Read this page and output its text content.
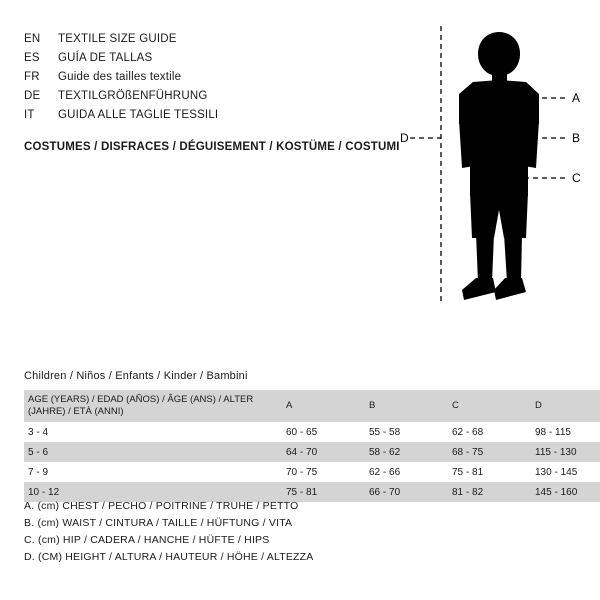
EN	TEXTILE SIZE GUIDE
ES	GUÍA DE TALLAS
FR	Guide des tailles textile
DE	TEXTILGRÖßENFÜHRUNG
IT	GUIDA ALLE TAGLIE TESSILI
COSTUMES / DISFRACES / DÉGUISEMENT / KOSTÜME / COSTUMI
A
B
C
D
Children / Niños / Enfants / Kinder / Bambini
AGE (YEARS) / EDAD (AÑOS) / ÂGE (ANS) / ALTER (JAHRE) / ETÀ (ANNI)	A	B	C	D
3 - 4	60 - 65	55 - 58	62 - 68	98 - 115
5 - 6	64 - 70	58 - 62	68 - 75	115 - 130
7 - 9	70 - 75	62 - 66	75 - 81	130 - 145
10 - 12	75 - 81	66 - 70	81 - 82	145 - 160
A. (cm) CHEST / PECHO / POITRINE / TRUHE / PETTO
B. (cm) WAIST / CINTURA / TAILLE / HÜFTUNG / VITA
C. (cm) HIP / CADERA / HANCHE / HÜFTE / HIPS
D. (CM) HEIGHT / ALTURA / HAUTEUR / HÖHE / ALTEZZA
